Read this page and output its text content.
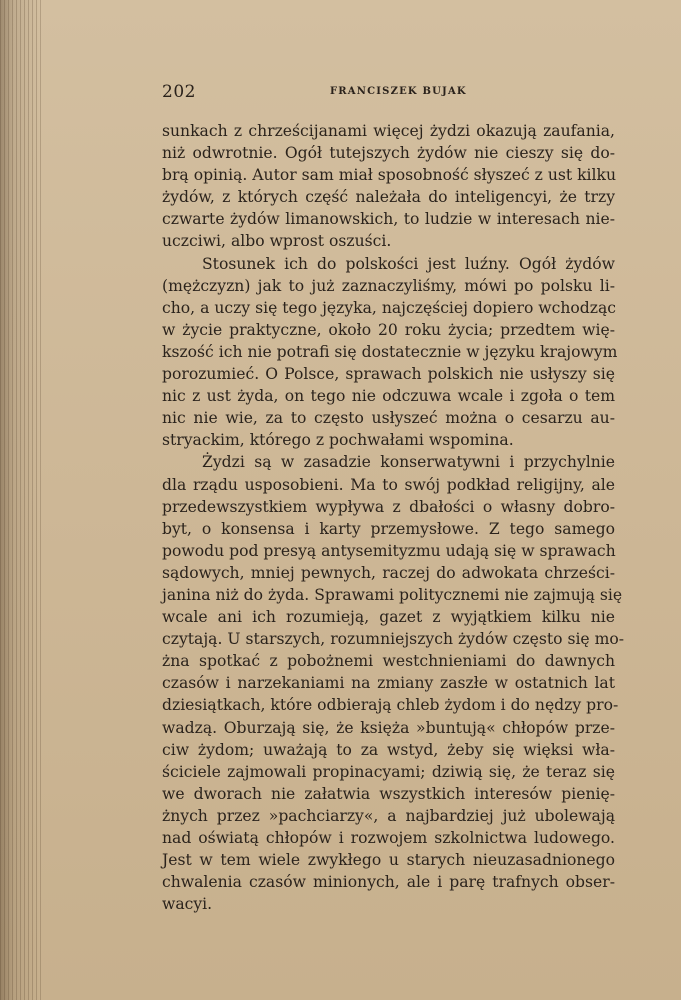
202	FRANCISZEK BUJAK
sunkach z chrześcijanami więcej żydzi okazują zaufania,
niż odwrotnie. Ogół tutejszych żydów nie cieszy się do-
brą opinią. Autor sam miał sposobność słyszeć z ust kilku
żydów, z których część należała do inteligencyi, że trzy
czwarte żydów limanowskich, to ludzie w interesach nie-
uczciwi, albo wprost oszuści.
Stosunek ich do polskości jest luźny. Ogół żydów
(mężczyzn) jak to już zaznaczyliśmy, mówi po polsku li-
cho, a uczy się tego języka, najczęściej dopiero wchodząc
w życie praktyczne, około 20 roku życia; przedtem wię-
kszość ich nie potrafi się dostatecznie w języku krajowym
porozumieć. O Polsce, sprawach polskich nie usłyszy się
nic z ust żyda, on tego nie odczuwa wcale i zgoła o tem
nic nie wie, za to często usłyszeć można o cesarzu au-
stryackim, którego z pochwałami wspomina.
Żydzi są w zasadzie konserwatywni i przychylnie
dla rządu usposobieni. Ma to swój podkład religijny, ale
przedewszystkiem wypływa z dbałości o własny dobro-
byt, o konsensa i karty przemysłowe. Z tego samego
powodu pod presyą antysemityzmu udają się w sprawach
sądowych, mniej pewnych, raczej do adwokata chrześci-
janina niż do żyda. Sprawami politycznemi nie zajmują się
wcale ani ich rozumieją, gazet z wyjątkiem kilku nie
czytają. U starszych, rozumniejszych żydów często się mo-
żna spotkać z pobożnemi westchnieniami do dawnych
czasów i narzekaniami na zmiany zaszłe w ostatnich lat
dziesiątkach, które odbierają chleb żydom i do nędzy pro-
wadzą. Oburzają się, że księża »buntują« chłopów prze-
ciw żydom; uważają to za wstyd, żeby się więksi wła-
ściciele zajmowali propinacyami; dziwią się, że teraz się
we dworach nie załatwia wszystkich interesów pienię-
żnych przez »pachciarzy«, a najbardziej już ubolewają
nad oświatą chłopów i rozwojem szkolnictwa ludowego.
Jest w tem wiele zwykłego u starych nieuzasadnionego
chwalenia czasów minionych, ale i parę trafnych obser-
wacyi.
